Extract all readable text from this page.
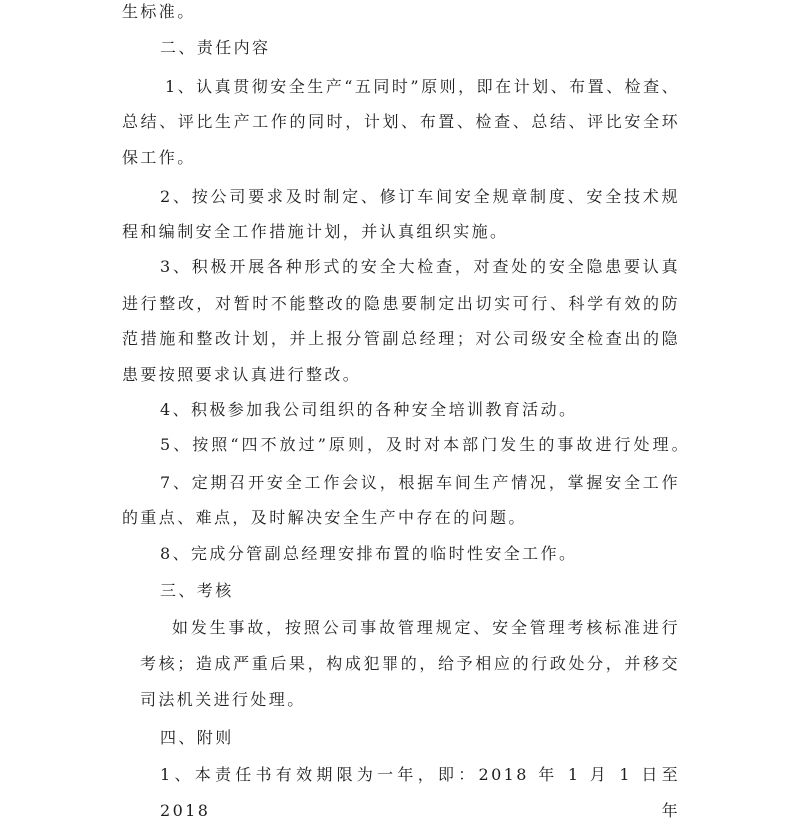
生标准。
二、责任内容
1、认真贯彻安全生产“五同时”原则，即在计划、布置、检查、
总结、评比生产工作的同时，计划、布置、检查、总结、评比安全环
保工作。
2、按公司要求及时制定、修订车间安全规章制度、安全技术规
程和编制安全工作措施计划，并认真组织实施。
3、积极开展各种形式的安全大检查，对查处的安全隐患要认真
进行整改，对暂时不能整改的隐患要制定出切实可行、科学有效的防
范措施和整改计划，并上报分管副总经理；对公司级安全检查出的隐
患要按照要求认真进行整改。
4、积极参加我公司组织的各种安全培训教育活动。
5、按照“四不放过”原则，及时对本部门发生的事故进行处理。
7、定期召开安全工作会议，根据车间生产情况，掌握安全工作
的重点、难点，及时解决安全生产中存在的问题。
8、完成分管副总经理安排布置的临时性安全工作。
三、考核
如发生事故，按照公司事故管理规定、安全管理考核标准进行
考核；造成严重后果，构成犯罪的，给予相应的行政处分，并移交
司法机关进行处理。
四、附则
1、本责任书有效期限为一年，即：2018 年 1 月 1 日至 2018 年
